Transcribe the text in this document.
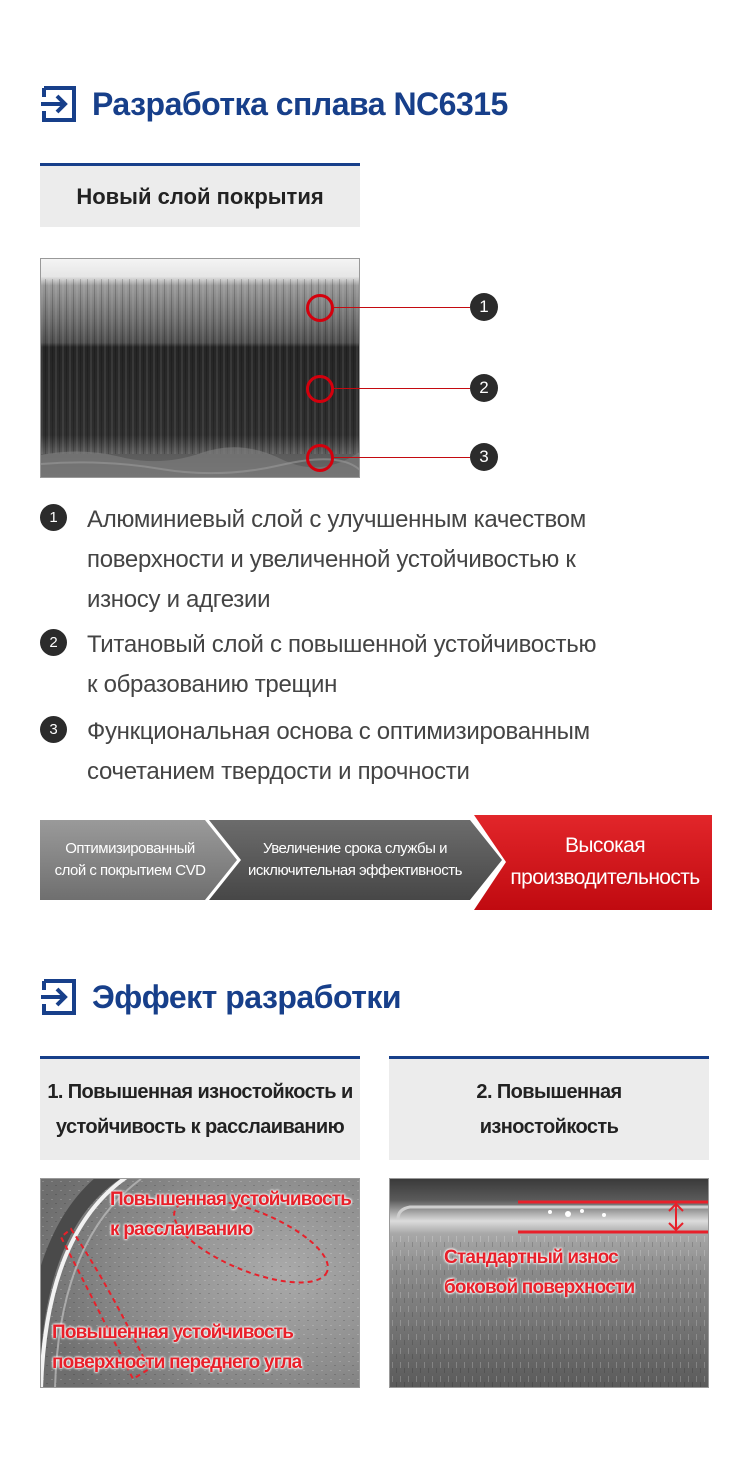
Разработка сплава NC6315
Новый слой покрытия
1
2
3
1	Алюминиевый слой с улучшенным качеством
поверхности и увеличенной устойчивостью к
износу и адгезии
2	Титановый слой с повышенной устойчивостью
к образованию трещин
3	Функциональная основа с оптимизированным
сочетанием твердости и прочности
Оптимизированный
слой с покрытием CVD
Увеличение срока службы и
исключительная эффективность
Высокая
производительность
Эффект разработки
1. Повышенная изностойкость и
устойчивость к расслаиванию
Повышенная устойчивость
к расслаиванию
Повышенная устойчивость
поверхности переднего угла
2. Повышенная
изностойкость
Стандартный износ
боковой поверхности
